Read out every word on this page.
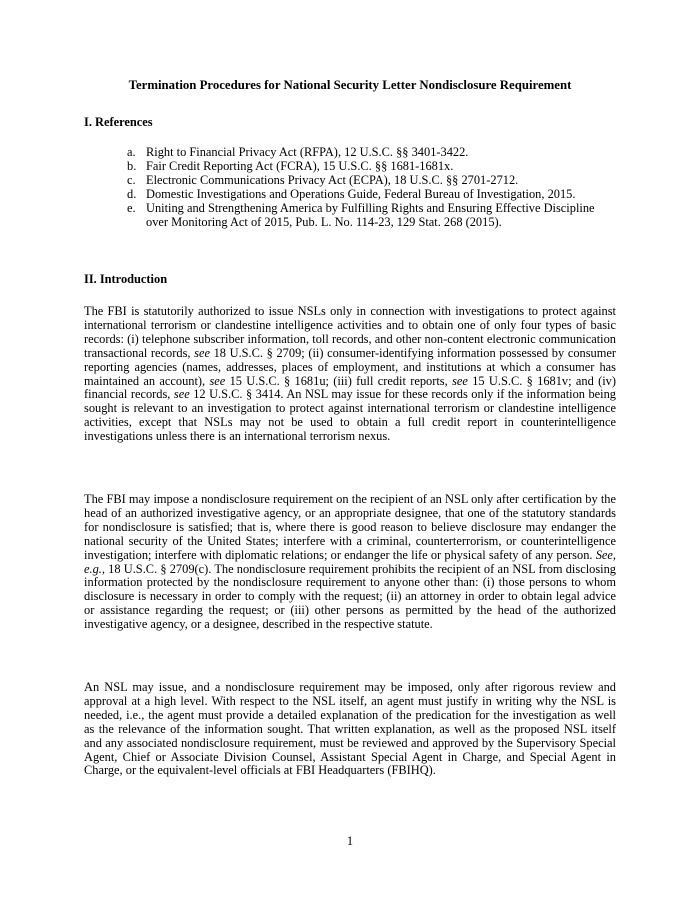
Termination Procedures for National Security Letter Nondisclosure Requirement
I. References
a. Right to Financial Privacy Act (RFPA), 12 U.S.C. §§ 3401-3422.
b. Fair Credit Reporting Act (FCRA), 15 U.S.C. §§ 1681-1681x.
c. Electronic Communications Privacy Act (ECPA), 18 U.S.C. §§ 2701-2712.
d. Domestic Investigations and Operations Guide, Federal Bureau of Investigation, 2015.
e. Uniting and Strengthening America by Fulfilling Rights and Ensuring Effective Discipline over Monitoring Act of 2015, Pub. L. No. 114-23, 129 Stat. 268 (2015).
II. Introduction

The FBI is statutorily authorized to issue NSLs only in connection with investigations to protect against international terrorism or clandestine intelligence activities and to obtain one of only four types of basic records: (i) telephone subscriber information, toll records, and other non-content electronic communication transactional records, see 18 U.S.C. § 2709; (ii) consumer-identifying information possessed by consumer reporting agencies (names, addresses, places of employment, and institutions at which a consumer has maintained an account), see 15 U.S.C. § 1681u; (iii) full credit reports, see 15 U.S.C. § 1681v; and (iv) financial records, see 12 U.S.C. § 3414. An NSL may issue for these records only if the information being sought is relevant to an investigation to protect against international terrorism or clandestine intelligence activities, except that NSLs may not be used to obtain a full credit report in counterintelligence investigations unless there is an international terrorism nexus.

The FBI may impose a nondisclosure requirement on the recipient of an NSL only after certification by the head of an authorized investigative agency, or an appropriate designee, that one of the statutory standards for nondisclosure is satisfied; that is, where there is good reason to believe disclosure may endanger the national security of the United States; interfere with a criminal, counterterrorism, or counterintelligence investigation; interfere with diplomatic relations; or endanger the life or physical safety of any person. See, e.g., 18 U.S.C. § 2709(c). The nondisclosure requirement prohibits the recipient of an NSL from disclosing information protected by the nondisclosure requirement to anyone other than: (i) those persons to whom disclosure is necessary in order to comply with the request; (ii) an attorney in order to obtain legal advice or assistance regarding the request; or (iii) other persons as permitted by the head of the authorized investigative agency, or a designee, described in the respective statute.

An NSL may issue, and a nondisclosure requirement may be imposed, only after rigorous review and approval at a high level. With respect to the NSL itself, an agent must justify in writing why the NSL is needed, i.e., the agent must provide a detailed explanation of the predication for the investigation as well as the relevance of the information sought. That written explanation, as well as the proposed NSL itself and any associated nondisclosure requirement, must be reviewed and approved by the Supervisory Special Agent, Chief or Associate Division Counsel, Assistant Special Agent in Charge, and Special Agent in Charge, or the equivalent-level officials at FBI Headquarters (FBIHQ).

1
